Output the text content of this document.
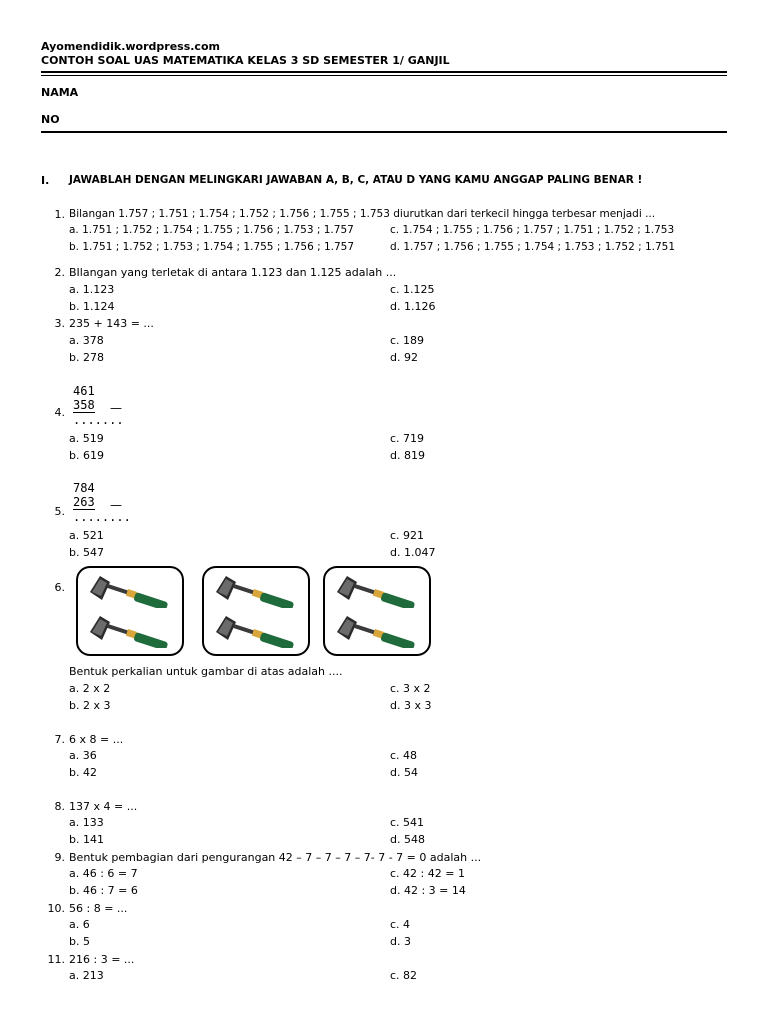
Ayomendidik.wordpress.com
CONTOH SOAL UAS MATEMATIKA KELAS 3 SD SEMESTER 1/ GANJIL
NAMA
NO
I. JAWABLAH DENGAN MELINGKARI JAWABAN A, B, C, ATAU D YANG KAMU ANGGAP PALING BENAR !
1. Bilangan 1.757 ; 1.751 ; 1.754 ; 1.752 ; 1.756 ; 1.755 ; 1.753 diurutkan dari terkecil hingga terbesar menjadi ...
a. 1.751 ; 1.752 ; 1.754 ; 1.755 ; 1.756 ; 1.753 ; 1.757	c. 1.754 ; 1.755 ; 1.756 ; 1.757 ; 1.751 ; 1.752 ; 1.753
b. 1.751 ; 1.752 ; 1.753 ; 1.754 ; 1.755 ; 1.756 ; 1.757	d. 1.757 ; 1.756 ; 1.755 ; 1.754 ; 1.753 ; 1.752 ; 1.751
2. BIlangan yang terletak di antara 1.123 dan 1.125 adalah ...
a. 1.123	c. 1.125
b. 1.124	d. 1.126
3. 235 + 143 = ...
a. 378	c. 189
b. 278	d. 92
461
358
.......
—
4.
a. 519	c. 719
b. 619	d. 819
784
263
........
—
5.
a. 521	c. 921
b. 547	d. 1.047
6.
Bentuk perkalian untuk gambar di atas adalah ....
a. 2 x 2	c. 3 x 2
b. 2 x 3	d. 3 x 3
7. 6 x 8 = ...
a. 36	c. 48
b. 42	d. 54
8. 137 x 4 = ...
a. 133	c. 541
b. 141	d. 548
9. Bentuk pembagian dari pengurangan 42 – 7 – 7 – 7 – 7- 7 - 7 = 0 adalah ...
a. 46 : 6 = 7	c. 42 : 42 = 1
b. 46 : 7 = 6	d. 42 : 3 = 14
10. 56 : 8 = ...
a. 6	c. 4
b. 5	d. 3
11. 216 : 3 = ...
a. 213	c. 82
